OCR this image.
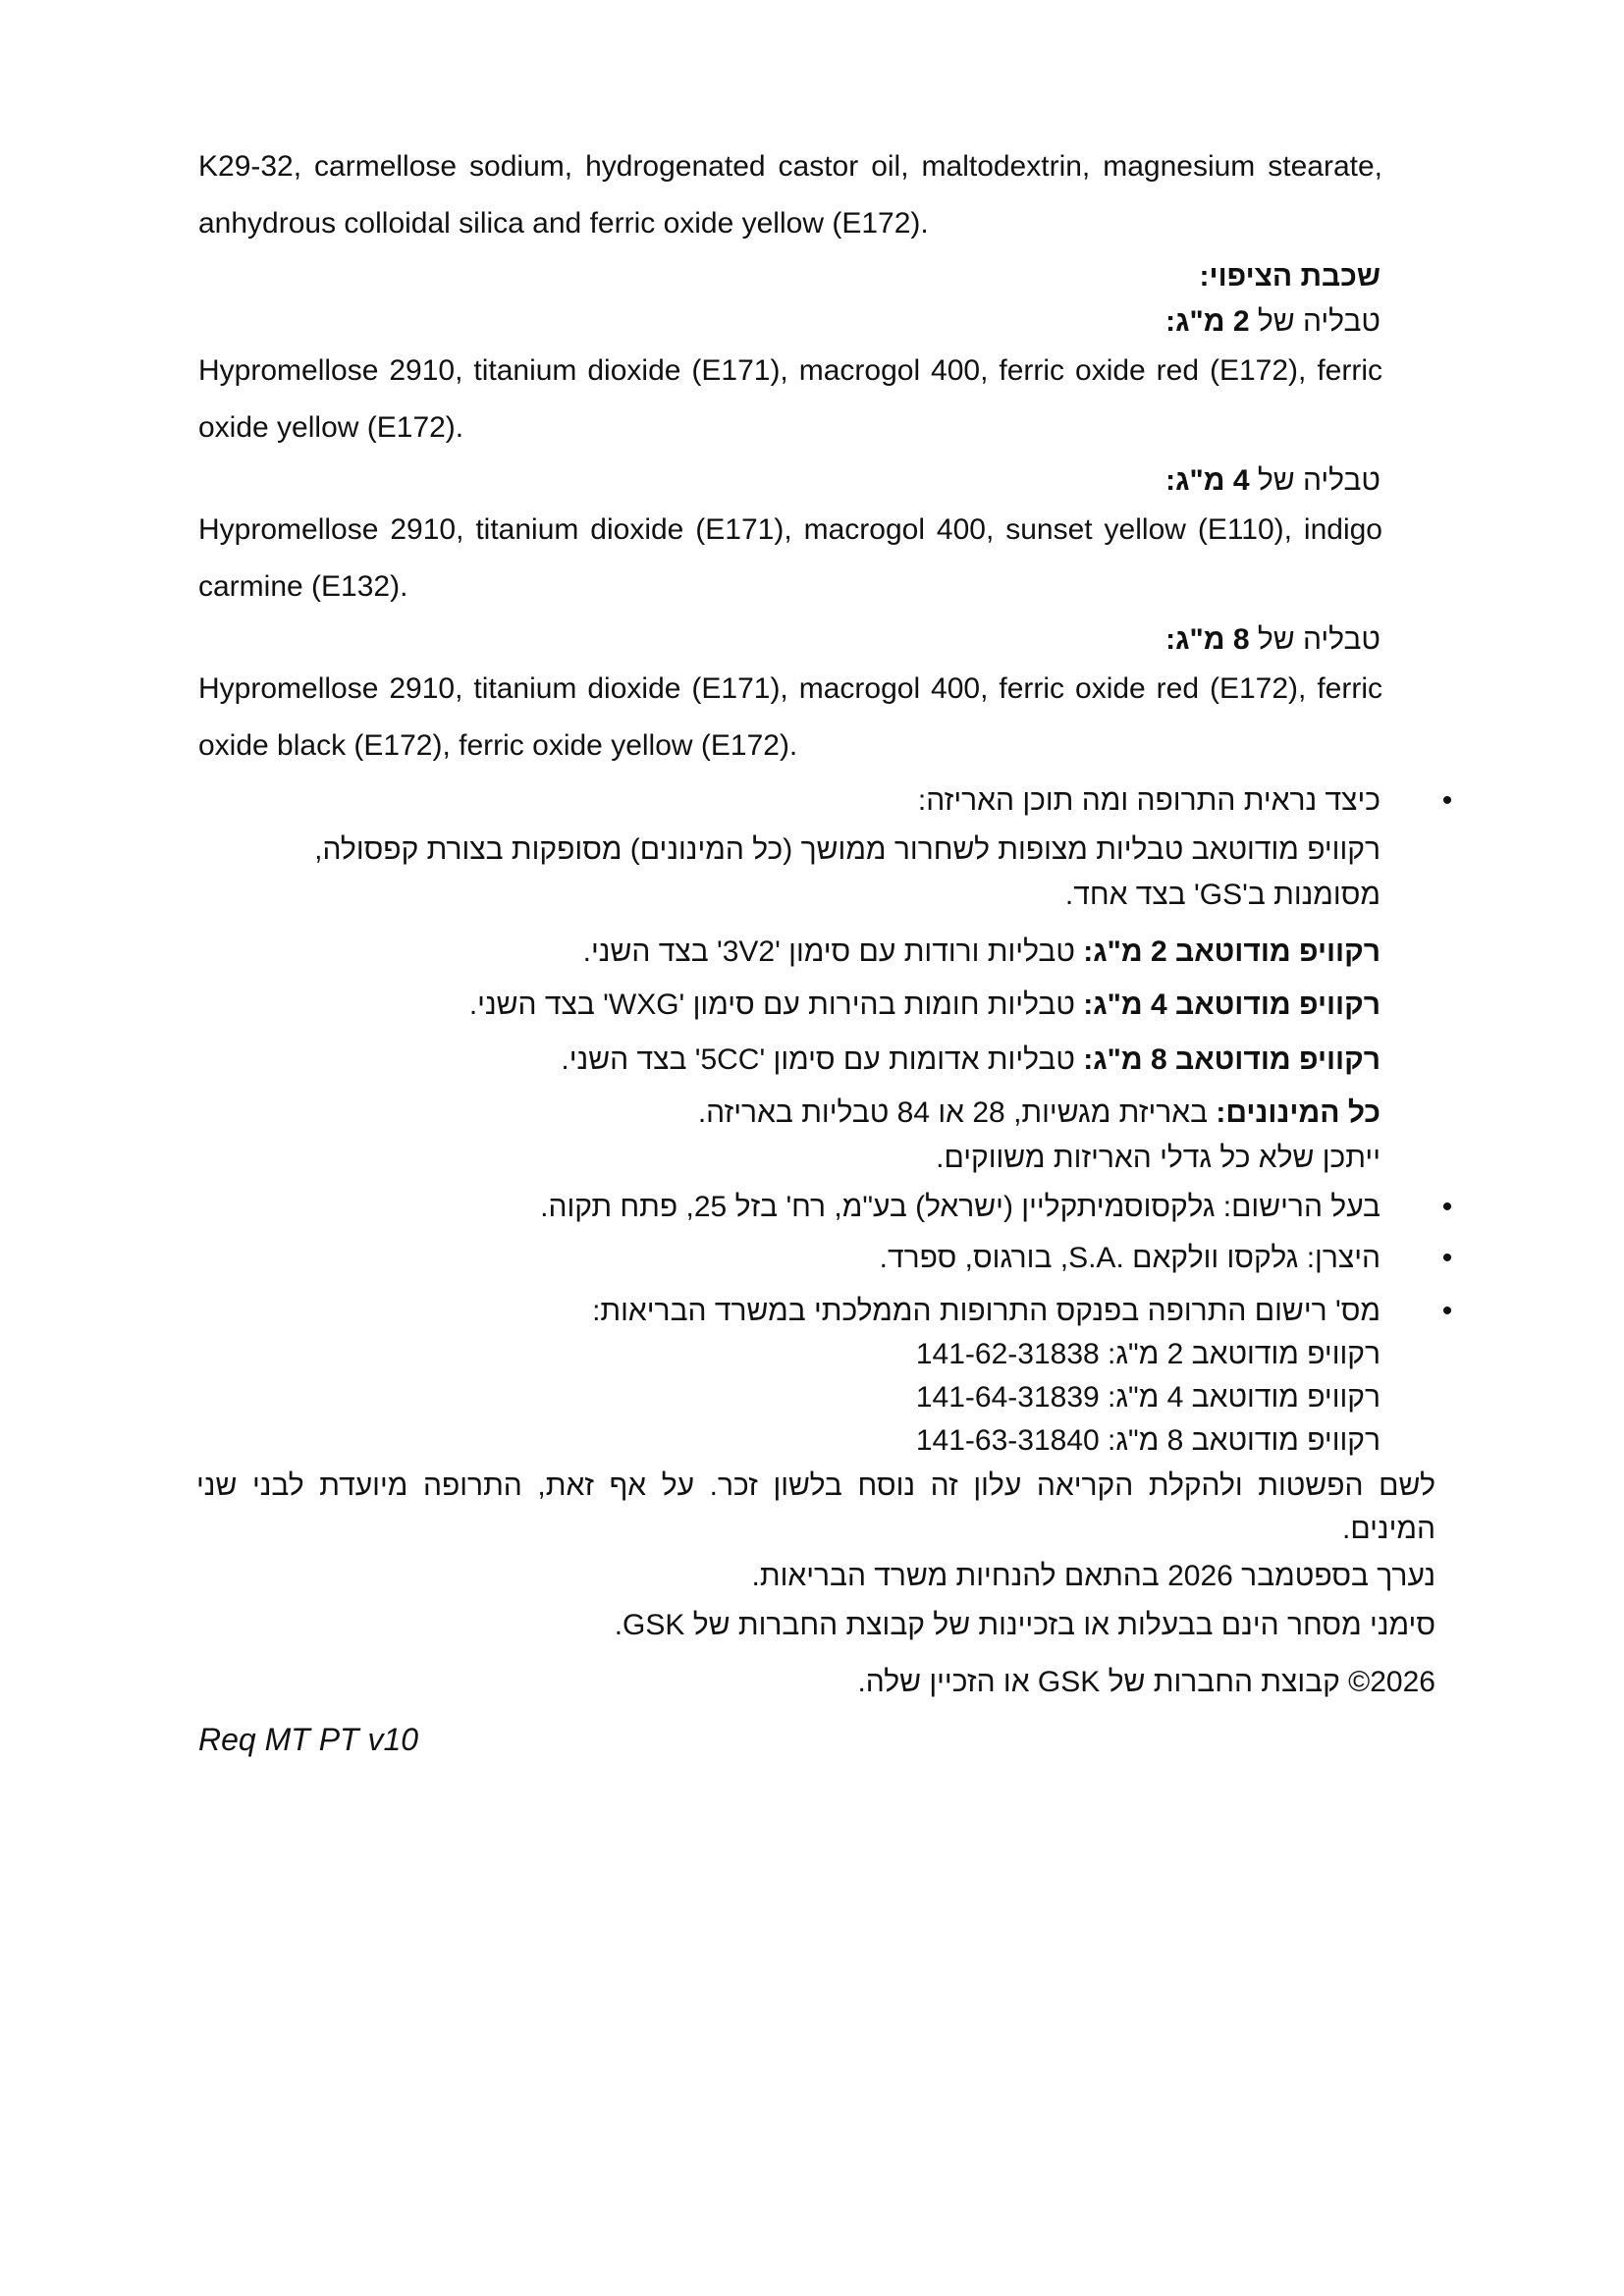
K29-32, carmellose sodium, hydrogenated castor oil, maltodextrin, magnesium stearate,
anhydrous colloidal silica and ferric oxide yellow (E172).
שכבת הציפוי:
טבליה של 2 מ"ג:
Hypromellose 2910, titanium dioxide (E171), macrogol 400, ferric oxide red (E172), ferric
oxide yellow (E172).
טבליה של 4 מ"ג:
Hypromellose 2910, titanium dioxide (E171), macrogol 400, sunset yellow (E110), indigo
carmine (E132).
טבליה של 8 מ"ג:
Hypromellose 2910, titanium dioxide (E171), macrogol 400, ferric oxide red (E172), ferric
oxide black (E172), ferric oxide yellow (E172).
•
כיצד נראית התרופה ומה תוכן האריזה:
רקוויפ מודוטאב טבליות מצופות לשחרור ממושך (כל המינונים) מסופקות בצורת קפסולה,
מסומנות ב'GS' בצד אחד.
רקוויפ מודוטאב 2 מ"ג: טבליות ורודות עם סימון '3V2' בצד השני.
רקוויפ מודוטאב 4 מ"ג: טבליות חומות בהירות עם סימון 'WXG' בצד השני.
רקוויפ מודוטאב 8 מ"ג: טבליות אדומות עם סימון '5CC' בצד השני.
כל המינונים: באריזת מגשיות, 28 או 84 טבליות באריזה.
ייתכן שלא כל גדלי האריזות משווקים.
•
בעל הרישום: גלקסוסמיתקליין (ישראל) בע"מ, רח' בזל 25, פתח תקוה.
•
היצרן: גלקסו וולקאם .S.A, בורגוס, ספרד.
•
מס' רישום התרופה בפנקס התרופות הממלכתי במשרד הבריאות:
רקוויפ מודוטאב 2 מ"ג: 141-62-31838
רקוויפ מודוטאב 4 מ"ג: 141-64-31839
רקוויפ מודוטאב 8 מ"ג: 141-63-31840
לשם הפשטות ולהקלת הקריאה עלון זה נוסח בלשון זכר. על אף זאת, התרופה מיועדת לבני שני
המינים.
נערך בספטמבר 2026 בהתאם להנחיות משרד הבריאות.
סימני מסחר הינם בבעלות או בזכיינות של קבוצת החברות של GSK.
2026© קבוצת החברות של GSK או הזכיין שלה.
Req MT PT v10
